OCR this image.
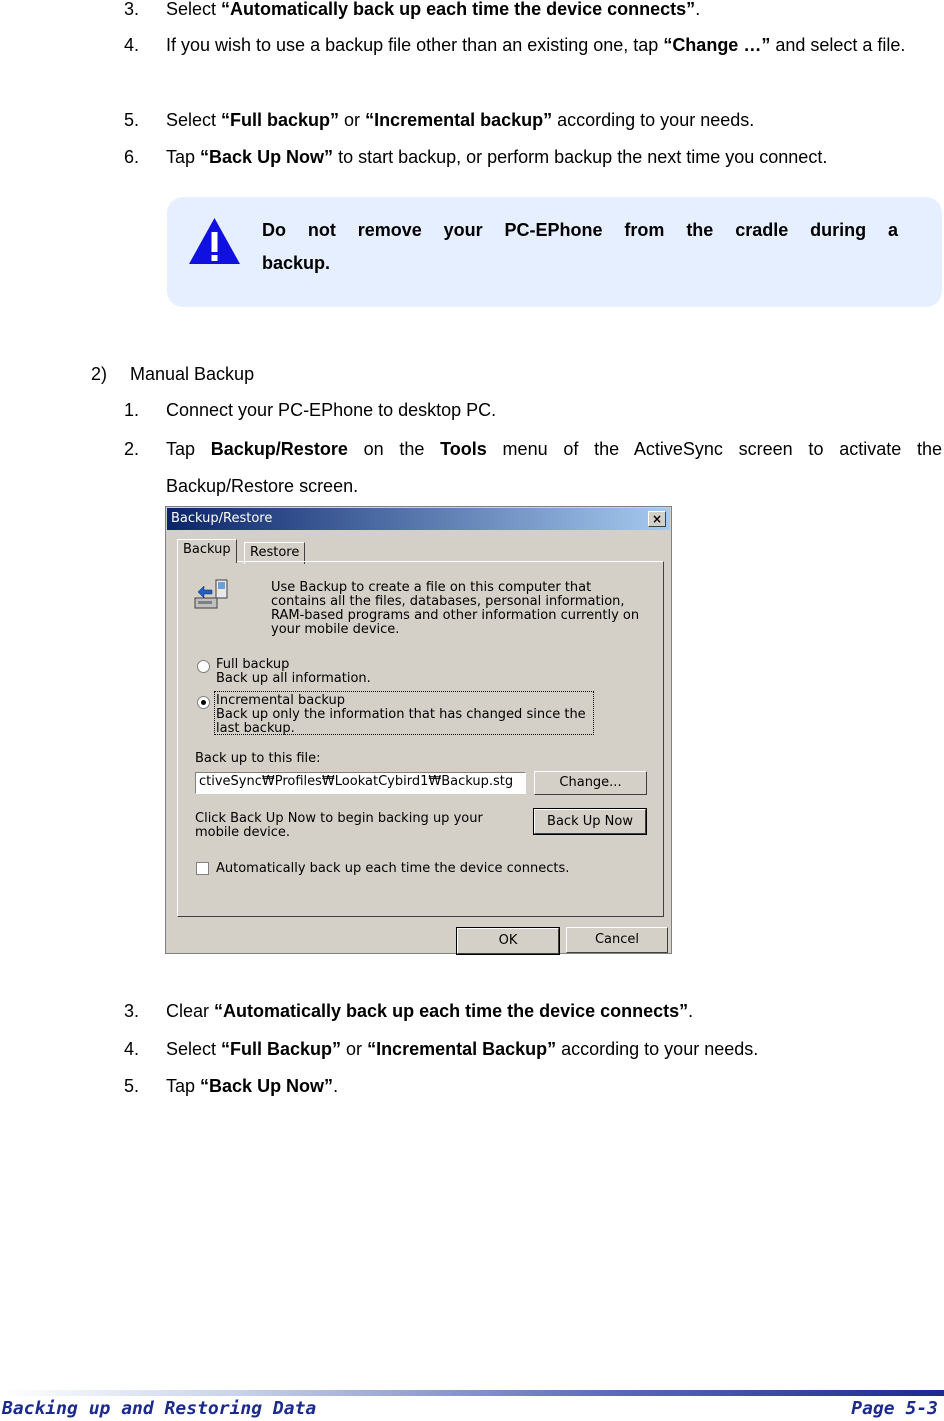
3.	Select “Automatically back up each time the device connects”.
4.	If you wish to use a backup file other than an existing one, tap “Change …” and select a file.
5.	Select “Full backup” or “Incremental backup” according to your needs.
6.	Tap “Back Up Now” to start backup, or perform backup the next time you connect.
Do not remove your PC-EPhone from the cradle during a backup.
2) Manual Backup
1.	Connect your PC-EPhone to desktop PC.
2.	Tap Backup/Restore on the Tools menu of the ActiveSync screen to activate the Backup/Restore screen.
Backup/Restore	×
Backup	Restore
Use Backup to create a file on this computer that
contains all the files, databases, personal information,
RAM-based programs and other information currently on
your mobile device.
Full backup
Back up all information.
Incremental backup
Back up only the information that has changed since the
last backup.
Back up to this file:
ctiveSync₩Profiles₩LookatCybird1₩Backup.stg	Change...
Click Back Up Now to begin backing up your
mobile device.
Back Up Now
Automatically back up each time the device connects.
OK	Cancel
3.	Clear “Automatically back up each time the device connects”.
4.	Select “Full Backup” or “Incremental Backup” according to your needs.
5.	Tap “Back Up Now”.
Backing up and Restoring Data	Page 5-3
